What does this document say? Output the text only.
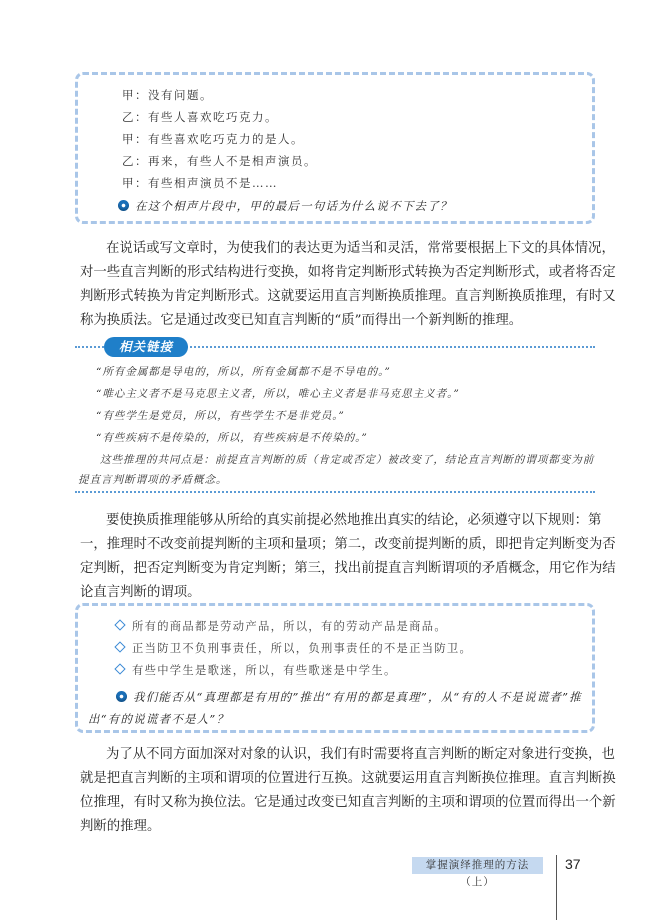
甲：没有问题。
乙：有些人喜欢吃巧克力。
甲：有些喜欢吃巧克力的是人。
乙：再来，有些人不是相声演员。
甲：有些相声演员不是……
在这个相声片段中，甲的最后一句话为什么说不下去了？
在说话或写文章时，为使我们的表达更为适当和灵活，常常要根据上下文的具体情况，
对一些直言判断的形式结构进行变换，如将肯定判断形式转换为否定判断形式，或者将否定
判断形式转换为肯定判断形式。这就要运用直言判断换质推理。直言判断换质推理，有时又
称为换质法。它是通过改变已知直言判断的“质”而得出一个新判断的推理。
相关链接
“所有金属都是导电的，所以，所有金属都不是不导电的。”
“唯心主义者不是马克思主义者，所以，唯心主义者是非马克思主义者。”
“有些学生是党员，所以，有些学生不是非党员。”
“有些疾病不是传染的，所以，有些疾病是不传染的。”
这些推理的共同点是：前提直言判断的质（肯定或否定）被改变了，结论直言判断的谓项都变为前
提直言判断谓项的矛盾概念。
要使换质推理能够从所给的真实前提必然地推出真实的结论，必须遵守以下规则：第
一，推理时不改变前提判断的主项和量项；第二，改变前提判断的质，即把肯定判断变为否
定判断，把否定判断变为肯定判断；第三，找出前提直言判断谓项的矛盾概念，用它作为结
论直言判断的谓项。
所有的商品都是劳动产品，所以，有的劳动产品是商品。
正当防卫不负刑事责任，所以，负刑事责任的不是正当防卫。
有些中学生是歌迷，所以，有些歌迷是中学生。
我们能否从“真理都是有用的”推出“有用的都是真理”，从“有的人不是说谎者”推
出“有的说谎者不是人”？
为了从不同方面加深对对象的认识，我们有时需要将直言判断的断定对象进行变换，也
就是把直言判断的主项和谓项的位置进行互换。这就要运用直言判断换位推理。直言判断换
位推理，有时又称为换位法。它是通过改变已知直言判断的主项和谓项的位置而得出一个新
判断的推理。
掌握演绎推理的方法（上）
37
